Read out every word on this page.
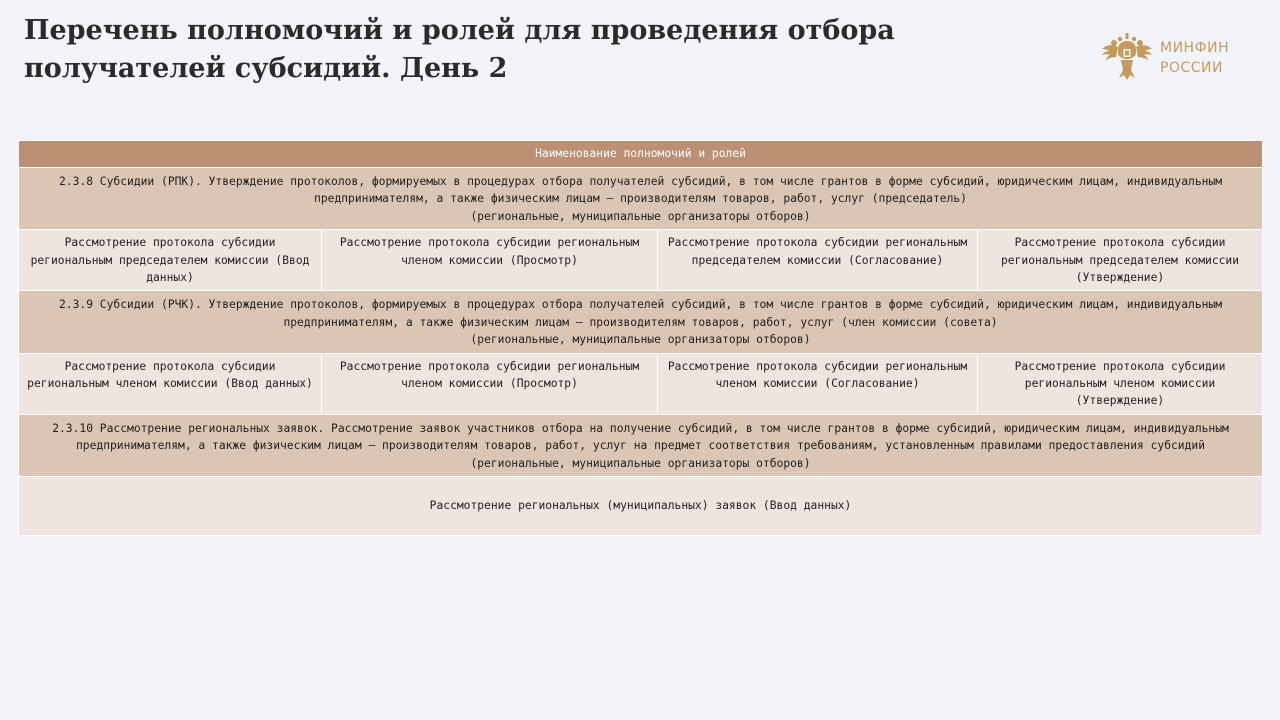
Перечень полномочий и ролей для проведения отбора получателей субсидий. День 2
МИНФИН
РОССИИ
Наименование полномочий и ролей			

2.3.8 Субсидии (РПК). Утверждение протоколов, формируемых в процедурах отбора получателей субсидий, в том числе грантов в форме субсидий, юридическим лицам, индивидуальным предпринимателям, а также физическим лицам – производителям товаров, работ, услуг (председатель)
(региональные, муниципальные организаторы отборов)			

Рассмотрение протокола субсидии региональным председателем комиссии (Ввод данных)	Рассмотрение протокола субсидии региональным членом комиссии (Просмотр)	Рассмотрение протокола субсидии региональным председателем комиссии (Согласование)	Рассмотрение протокола субсидии региональным председателем комиссии (Утверждение)

2.3.9 Субсидии (РЧК). Утверждение протоколов, формируемых в процедурах отбора получателей субсидий, в том числе грантов в форме субсидий, юридическим лицам, индивидуальным предпринимателям, а также физическим лицам – производителям товаров, работ, услуг (член комиссии (совета)
(региональные, муниципальные организаторы отборов)			

Рассмотрение протокола субсидии региональным членом комиссии (Ввод данных)	Рассмотрение протокола субсидии региональным членом комиссии (Просмотр)	Рассмотрение протокола субсидии региональным членом комиссии (Согласование)	Рассмотрение протокола субсидии региональным членом комиссии (Утверждение)

2.3.10 Рассмотрение региональных заявок. Рассмотрение заявок участников отбора на получение субсидий, в том числе грантов в форме субсидий, юридическим лицам, индивидуальным предпринимателям, а также физическим лицам – производителям товаров, работ, услуг на предмет соответствия требованиям, установленным правилами предоставления субсидий
(региональные, муниципальные организаторы отборов)			

Рассмотрение региональных (муниципальных) заявок (Ввод данных)			
